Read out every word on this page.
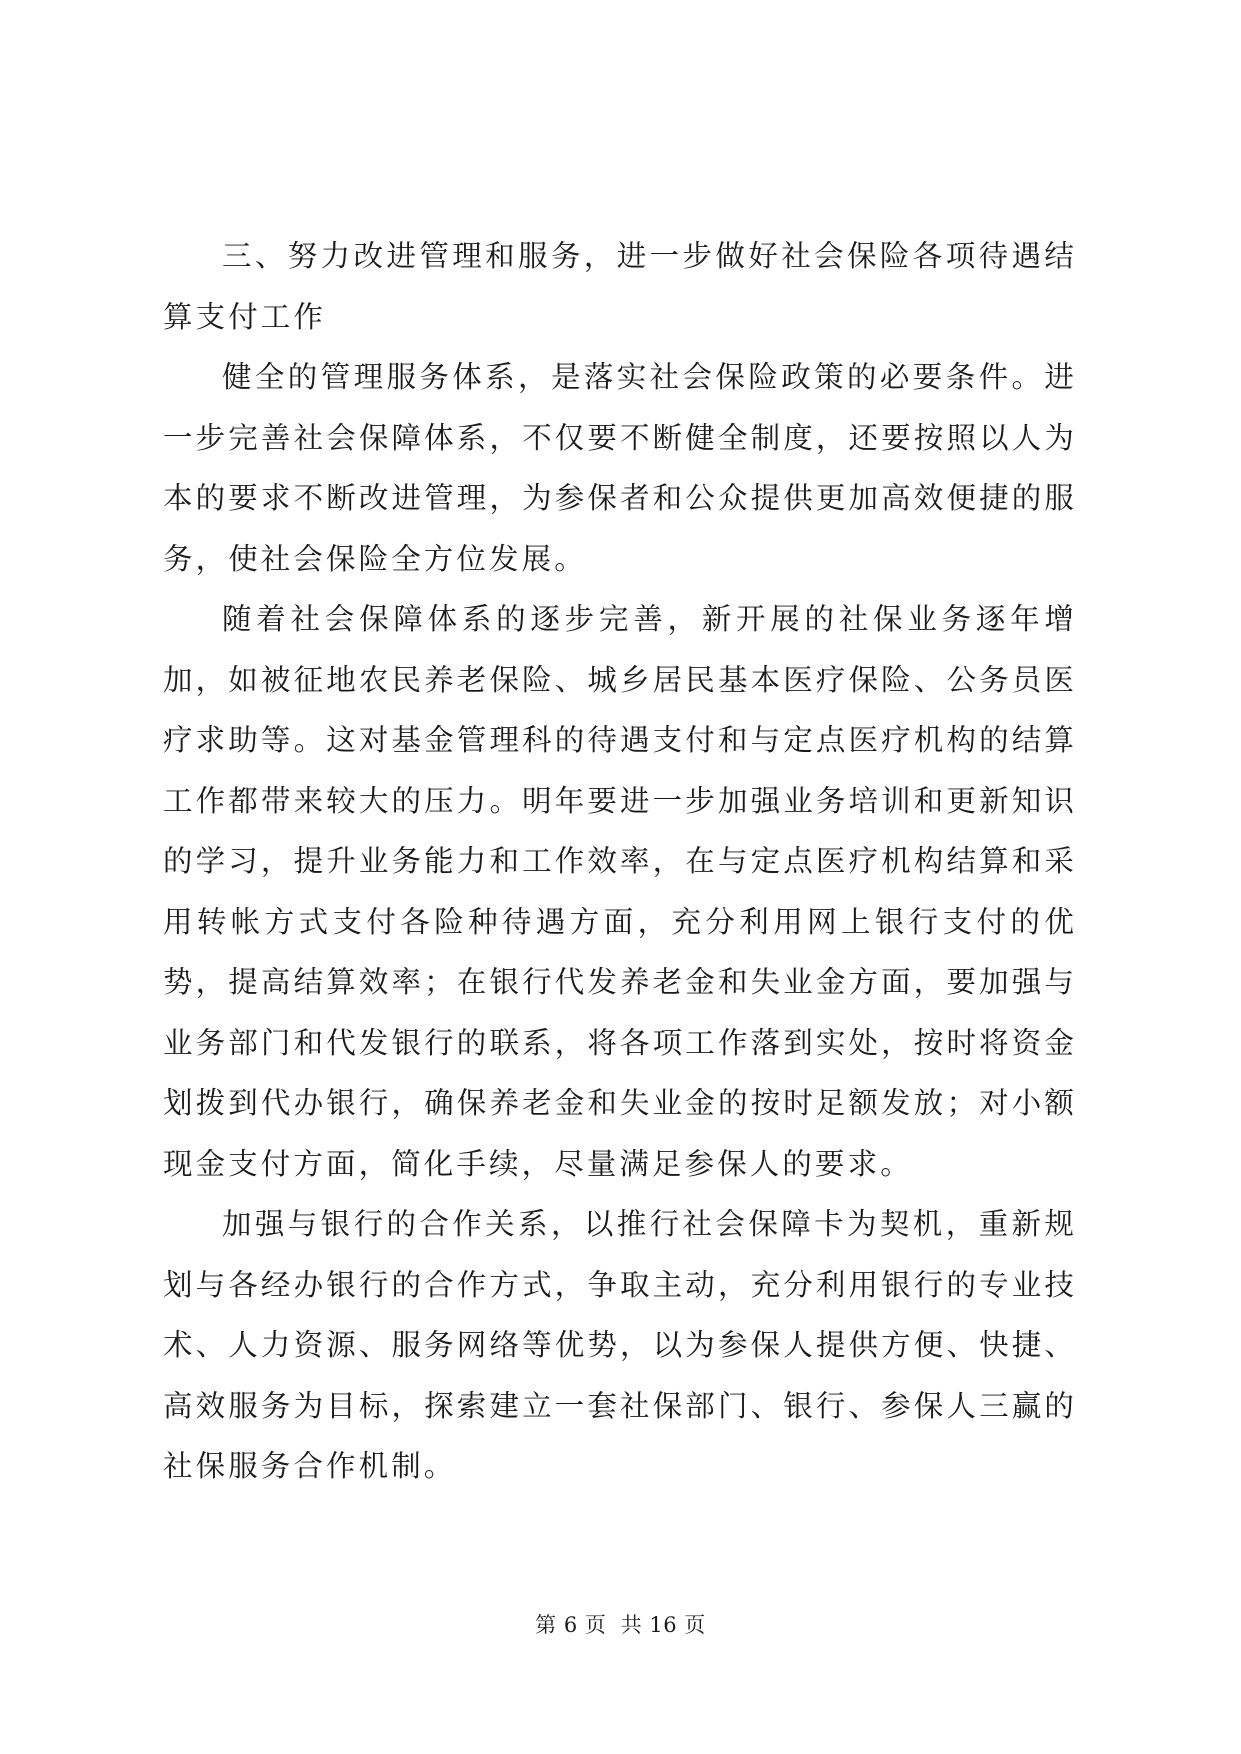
三、努力改进管理和服务，进一步做好社会保险各项待遇结算支付工作

健全的管理服务体系，是落实社会保险政策的必要条件。进一步完善社会保障体系，不仅要不断健全制度，还要按照以人为本的要求不断改进管理，为参保者和公众提供更加高效便捷的服务，使社会保险全方位发展。

随着社会保障体系的逐步完善，新开展的社保业务逐年增加，如被征地农民养老保险、城乡居民基本医疗保险、公务员医疗求助等。这对基金管理科的待遇支付和与定点医疗机构的结算工作都带来较大的压力。明年要进一步加强业务培训和更新知识的学习，提升业务能力和工作效率，在与定点医疗机构结算和采用转帐方式支付各险种待遇方面，充分利用网上银行支付的优势，提高结算效率；在银行代发养老金和失业金方面，要加强与业务部门和代发银行的联系，将各项工作落到实处，按时将资金划拨到代办银行，确保养老金和失业金的按时足额发放；对小额现金支付方面，简化手续，尽量满足参保人的要求。

加强与银行的合作关系，以推行社会保障卡为契机，重新规划与各经办银行的合作方式，争取主动，充分利用银行的专业技术、人力资源、服务网络等优势，以为参保人提供方便、快捷、高效服务为目标，探索建立一套社保部门、银行、参保人三赢的社保服务合作机制。

第 6 页  共 16 页
